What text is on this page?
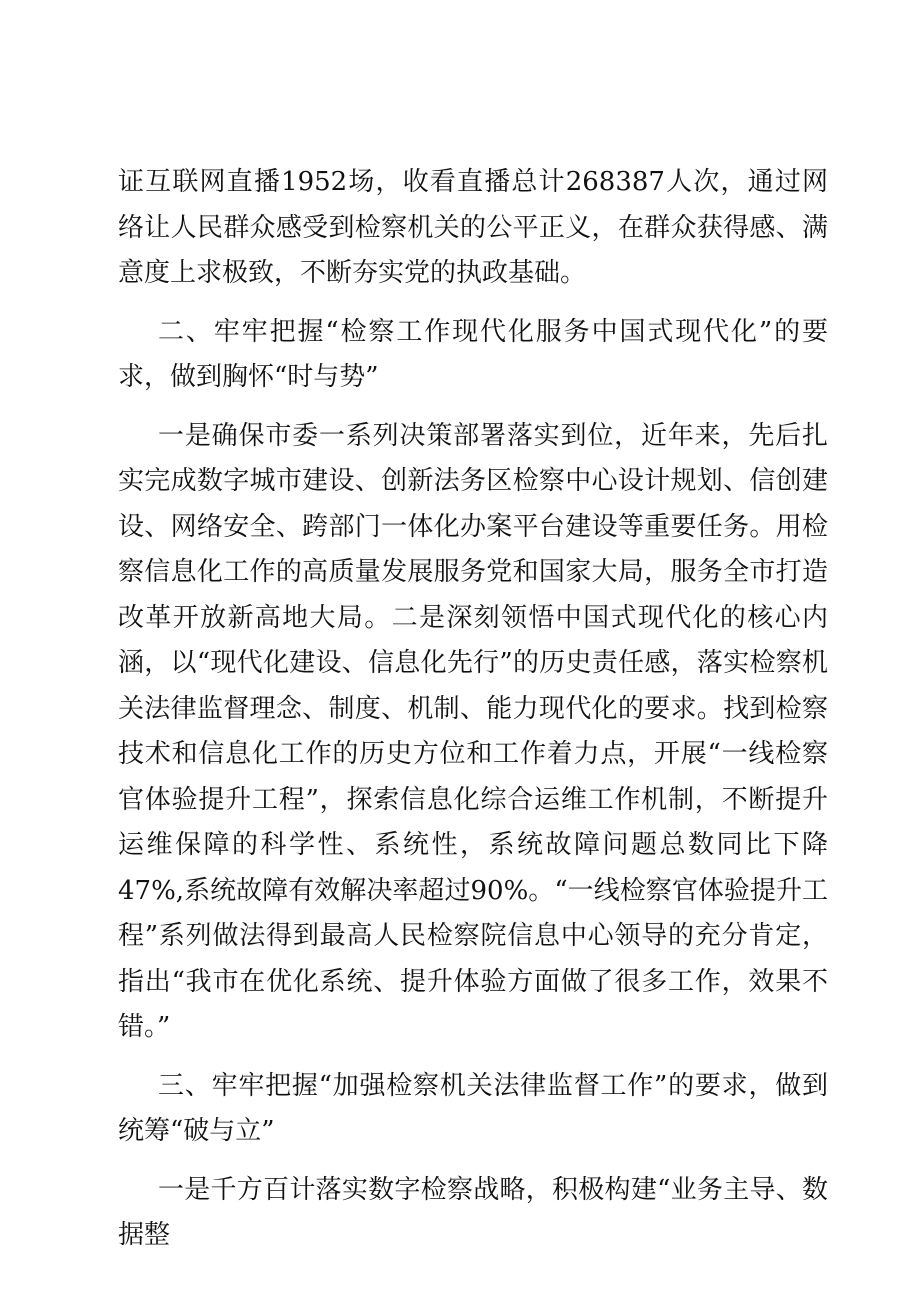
证互联网直播1952场，收看直播总计268387人次，通过网络让人民群众感受到检察机关的公平正义，在群众获得感、满意度上求极致，不断夯实党的执政基础。

二、牢牢把握“检察工作现代化服务中国式现代化”的要求，做到胸怀“时与势”

一是确保市委一系列决策部署落实到位，近年来，先后扎实完成数字城市建设、创新法务区检察中心设计规划、信创建设、网络安全、跨部门一体化办案平台建设等重要任务。用检察信息化工作的高质量发展服务党和国家大局，服务全市打造改革开放新高地大局。二是深刻领悟中国式现代化的核心内涵，以“现代化建设、信息化先行”的历史责任感，落实检察机关法律监督理念、制度、机制、能力现代化的要求。找到检察技术和信息化工作的历史方位和工作着力点，开展“一线检察官体验提升工程”，探索信息化综合运维工作机制，不断提升运维保障的科学性、系统性，系统故障问题总数同比下降47%,系统故障有效解决率超过90%。“一线检察官体验提升工程”系列做法得到最高人民检察院信息中心领导的充分肯定，指出“我市在优化系统、提升体验方面做了很多工作，效果不错。”

三、牢牢把握“加强检察机关法律监督工作”的要求，做到统筹“破与立”

一是千方百计落实数字检察战略，积极构建“业务主导、数据整
